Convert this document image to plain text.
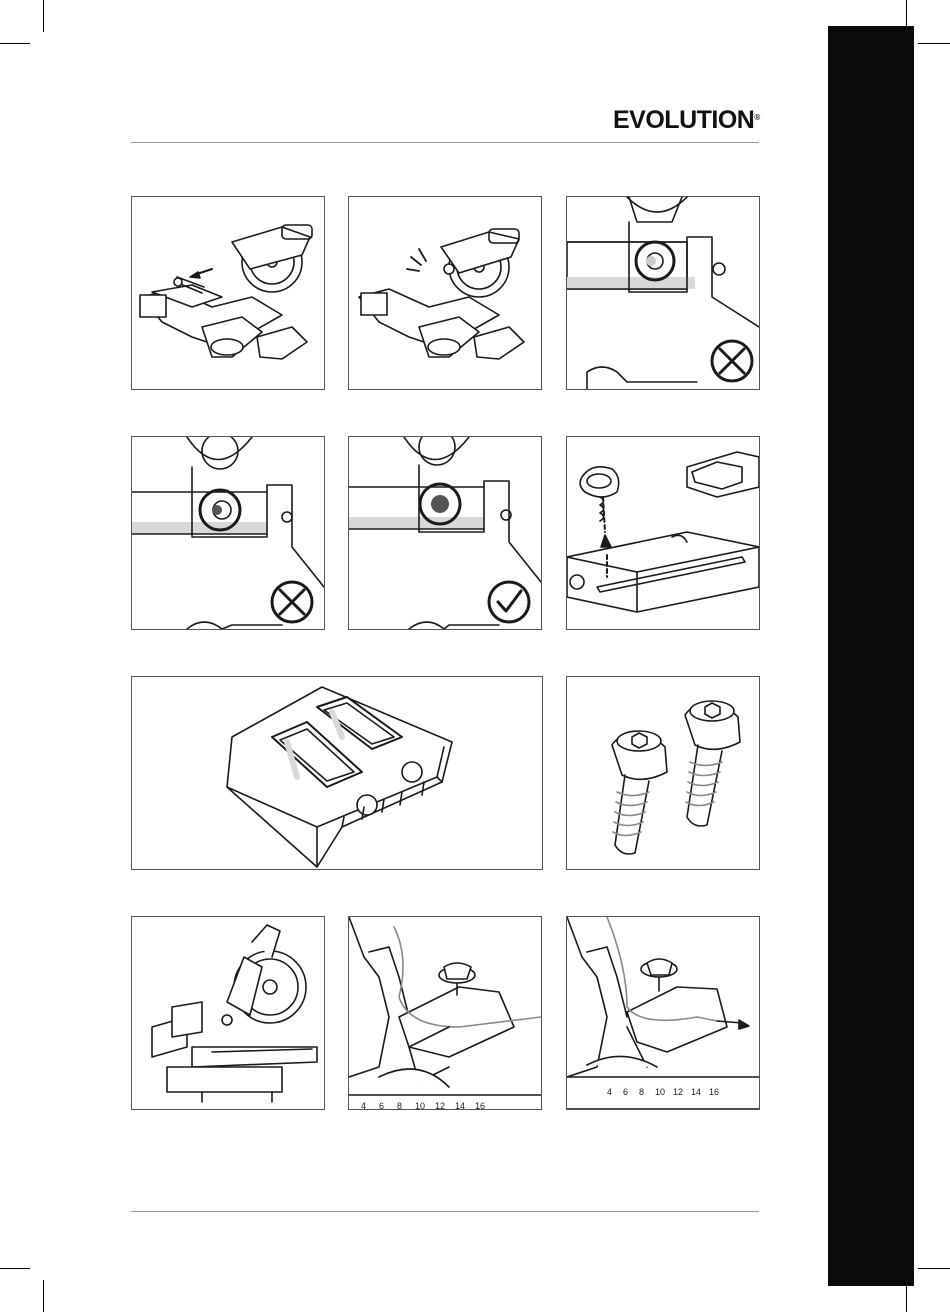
EVOLUTION®
4 6 8 10 12 14 16
4 6 8 10 12 14 16
